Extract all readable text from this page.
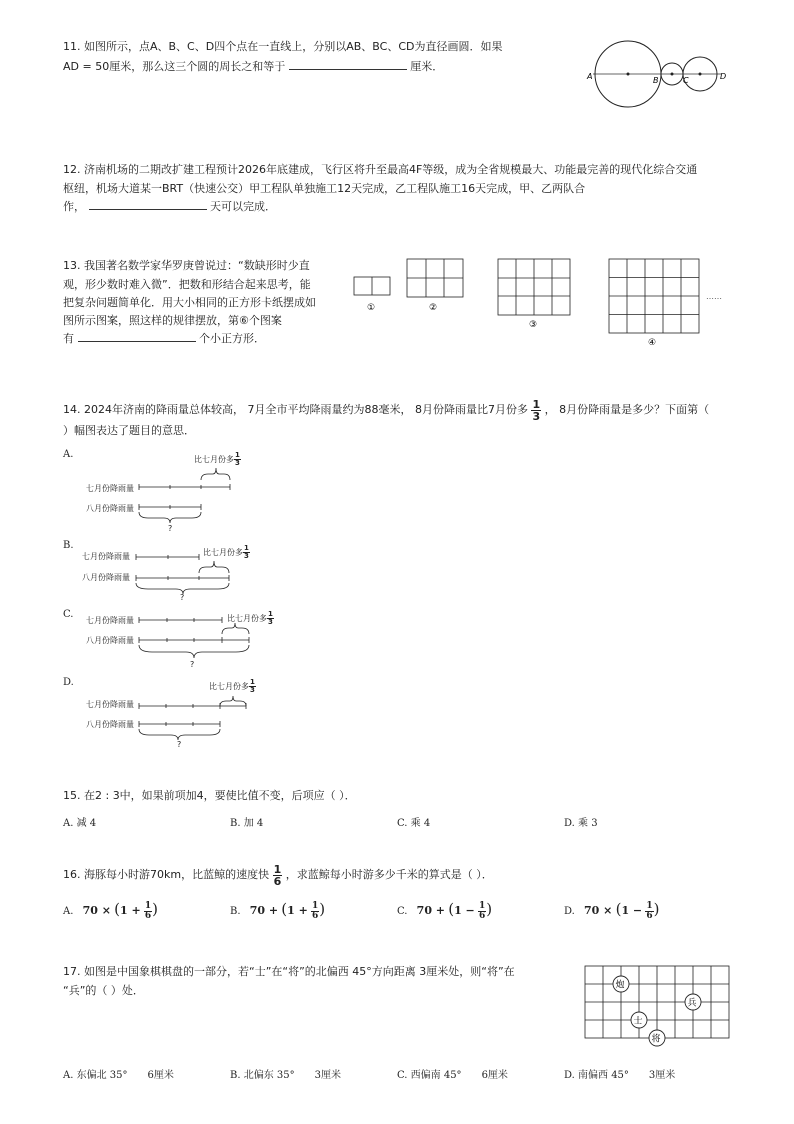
11. 如图所示，点A、B、C、D四个点在一直线上，分别以AB、BC、CD为直径画圆．如果
AD = 50厘米，那么这三个圆的周长之和等于	厘米．
A	B	C	D
12. 济南机场的二期改扩建工程预计2026年底建成，飞行区将升至最高4F等级，成为全省规模最大、功能最完善的现代化综合交通
枢纽，机场大道某一BRT（快速公交）甲工程队单独施工12天完成，乙工程队施工16天完成，甲、乙两队合
作，	天可以完成．
13. 我国著名数学家华罗庚曾说过：“数缺形时少直
观，形少数时难入微”．把数和形结合起来思考，能
把复杂问题简单化．用大小相同的正方形卡纸摆成如
图所示图案，照这样的规律摆放，第⑥个图案
有	个小正方形．
①	②
③
④
……
14. 2024年济南的降雨量总体较高， 7月全市平均降雨量约为88毫米， 8月份降雨量比7月份多 $\frac{1}{3}$ ， 8月份降雨量是多少？下面第（
）幅图表达了题目的意思．
A.
七月份降雨量
八月份降雨量
比七月份多 $\frac{1}{3}$
?
B.
七月份降雨量
八月份降雨量
比七月份多 $\frac{1}{3}$
?
C.
七月份降雨量
八月份降雨量
比七月份多 $\frac{1}{3}$
?
D.
七月份降雨量
八月份降雨量
比七月份多 $\frac{1}{3}$
?
15. 在2 : 3中，如果前项加4，要使比值不变，后项应（ ）．
A. 减 4	B. 加 4	C. 乘 4	D. 乘 3
16. 海豚每小时游70km，比蓝鲸的速度快 $\frac{1}{6}$ ，求蓝鲸每小时游多少千米的算式是（ ）．
A. $70 \times (1 + \frac{1}{6}$ )	B. $70 + (1 + \frac{1}{6}$ )	C. $70 + (1 - \frac{1}{6}$ )	D. $70 \times (1 - \frac{1}{6}$ )
17. 如图是中国象棋棋盘的一部分，若“士”在“将”的北偏西 45°方向距离 3厘米处，则“将”在
“兵”的（ ）处．	炮
兵
士
将
A. 东偏北 35° 6厘米	B. 北偏东 35° 3厘米	C. 西偏南 45° 6厘米	D. 南偏西 45° 3厘米
